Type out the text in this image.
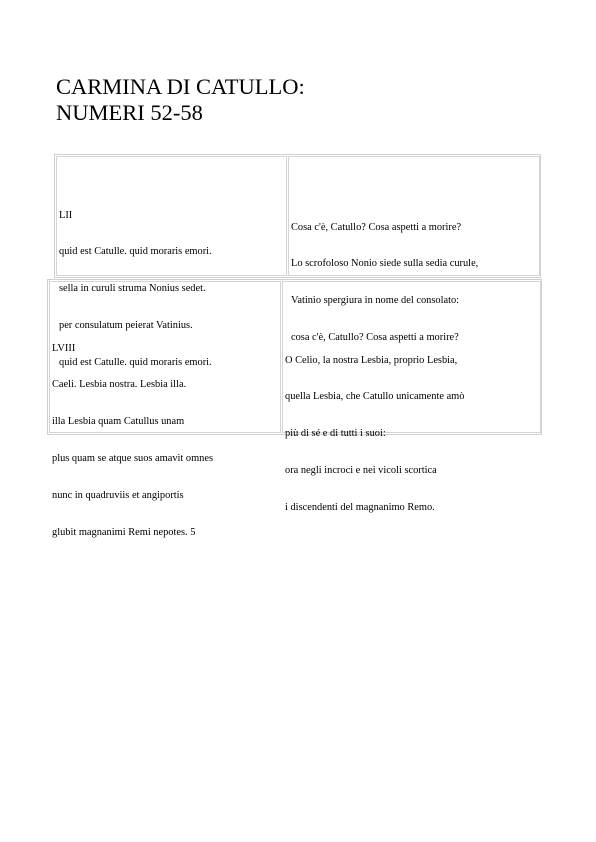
CARMINA DI CATULLO:
NUMERI 52-58

LII

quid est Catulle. quid moraris emori.

sella in curuli struma Nonius sedet.

per consulatum peierat Vatinius.

quid est Catulle. quid moraris emori.

Cosa c'è, Catullo? Cosa aspetti a morire?

Lo scrofoloso Nonio siede sulla sedia curule,

Vatinio spergiura in nome del consolato:

cosa c'è, Catullo? Cosa aspetti a morire?

LVIII

Caeli. Lesbia nostra. Lesbia illa.

illa Lesbia quam Catullus unam

plus quam se atque suos amavit omnes

nunc in quadruviis et angiportis

glubit magnanimi Remi nepotes. 5

O Celio, la nostra Lesbia, proprio Lesbia,

quella Lesbia, che Catullo unicamente amò

più di sé e di tutti i suoi:

ora negli incroci e nei vicoli scortica

i discendenti del magnanimo Remo.
